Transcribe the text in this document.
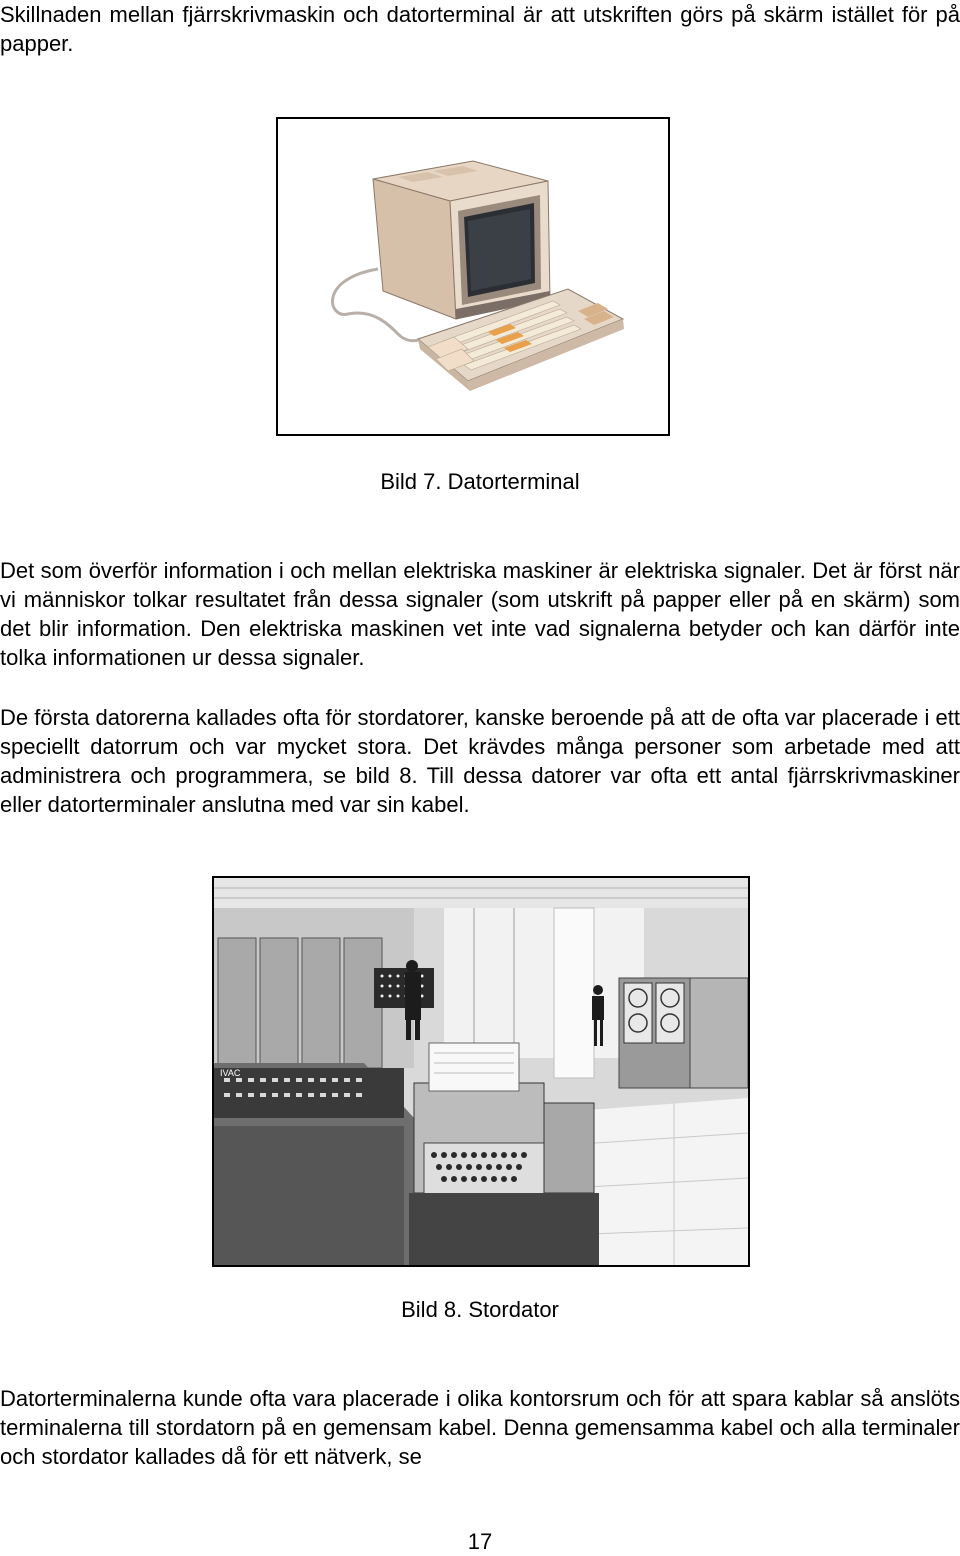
Skillnaden mellan fjärrskrivmaskin och datorterminal är att utskriften görs på skärm istället för på papper.

Bild 7. Datorterminal

Det som överför information i och mellan elektriska maskiner är elektriska signaler. Det är först när vi människor tolkar resultatet från dessa signaler (som utskrift på papper eller på en skärm) som det blir information. Den elektriska maskinen vet inte vad signalerna betyder och kan därför inte tolka informationen ur dessa signaler.

De första datorerna kallades ofta för stordatorer, kanske beroende på att de ofta var placerade i ett speciellt datorrum och var mycket stora. Det krävdes många personer som arbetade med att administrera och programmera, se bild 8. Till dessa datorer var ofta ett antal fjärrskrivmaskiner eller datorterminaler anslutna med var sin kabel.

IVAC

Bild 8. Stordator

Datorterminalerna kunde ofta vara placerade i olika kontorsrum och för att spara kablar så anslöts terminalerna till stordatorn på en gemensam kabel. Denna gemensamma kabel och alla terminaler och stordator kallades då för ett nätverk, se

17
